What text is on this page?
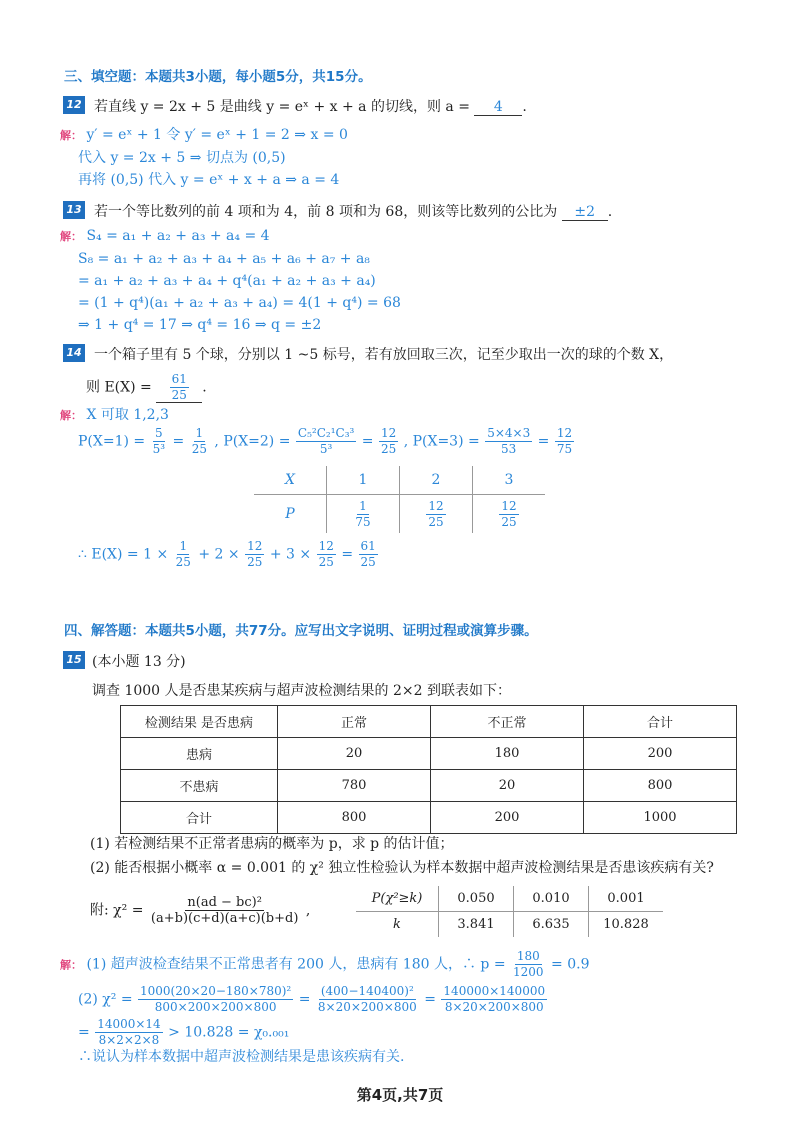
三、填空题：本题共3小题，每小题5分，共15分。
12 若直线 y = 2x + 5 是曲线 y = eˣ + x + a 的切线，则 a = 4 .
解： y′ = eˣ + 1 令 y′ = eˣ + 1 = 2 ⇒ x = 0
代入 y = 2x + 5 ⇒ 切点为 (0,5)
再将 (0,5) 代入 y = eˣ + x + a ⇒ a = 4
13 若一个等比数列的前 4 项和为 4，前 8 项和为 68，则该等比数列的公比为 ±2 .
解： S₄ = a₁ + a₂ + a₃ + a₄ = 4
S₈ = a₁ + a₂ + a₃ + a₄ + a₅ + a₆ + a₇ + a₈
= a₁ + a₂ + a₃ + a₄ + q⁴(a₁ + a₂ + a₃ + a₄)
= (1 + q⁴)(a₁ + a₂ + a₃ + a₄) = 4(1 + q⁴) = 68
⇒ 1 + q⁴ = 17 ⇒ q⁴ = 16 ⇒ q = ±2
14 一个箱子里有 5 个球，分别以 1 ~5 标号，若有放回取三次，记至少取出一次的球的个数 X，
则 $E(X) = \frac{61}{25}$ .
解： X 可取 1,2,3
$P(X=1) = \frac{5}{\text{5³}} = \frac{1}{25}$ , $P(X=2) = \frac{\text{C₅²C₂¹C₃³}}{\text{5³}} = \frac{12}{25}$ , $P(X=3) = \frac{5\times 4\times 3}{53} = \frac{12}{75}$
X	1	2	3
P	$\frac{1}{75}$	$\frac{12}{25}$	$\frac{12}{25}$
∴ $E(X) = 1 \times \frac{1}{25} + 2 \times \frac{12}{25} + 3 \times \frac{12}{25} = \frac{61}{25}$
四、解答题：本题共5小题，共77分。应写出文字说明、证明过程或演算步骤。
15 (本小题 13 分)
调查 1000 人是否患某疾病与超声波检测结果的 2×2 到联表如下：
检测结果 是否患病	正常	不正常	合计
患病	20	180	200
不患病	780	20	800
合计	800	200	1000
(1) 若检测结果不正常者患病的概率为 p，求 p 的估计值；
(2) 能否根据小概率 α = 0.001 的 χ² 独立性检验认为样本数据中超声波检测结果是否患该疾病有关?
附: $\chi^2 = \frac{\text{n(ad − bc)²}}{(a+b)(c+d)(a+c)(b+d)}$ ,
P(χ²≥k)	0.050	0.010	0.001
k	3.841	6.635	10.828
解： (1) 超声波检查结果不正常患者有 200 人，患病有 180 人，∴ $p = \frac{180}{1200} = 0.9$
(2) $\chi^2 = \frac{\text{1000(20×20−180×780)²}}{800\times 200\times 200\times 800} = \frac{\text{(400−140400)²}}{8\times 20\times 200\times 800} = \frac{140000\times 140000}{8\times 20\times 200\times 800}$
= $\frac{14000\times 14}{8\times 2\times 2\times 8} > 10.828 = \chi_0._{001}$
∴说认为样本数据中超声波检测结果是患该疾病有关.
第4页,共7页
